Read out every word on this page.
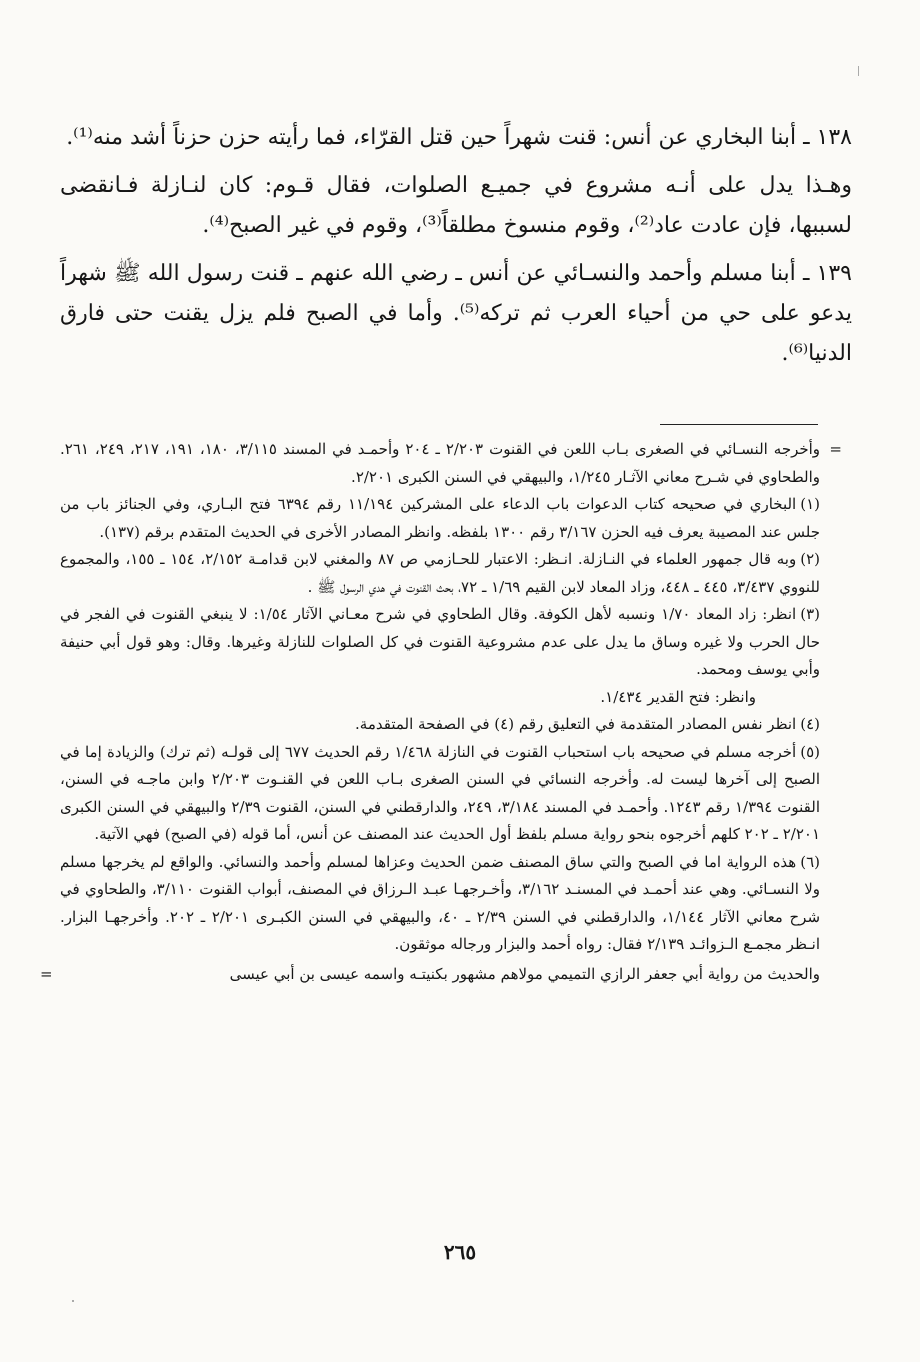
١٣٨ ـ أبنا البخاري عن أنس: قنت شهراً حين قتل القرّاء، فما رأيته حزن حزناً أشد منه⁽¹⁾.

وهـذا يدل على أنـه مشروع في جميـع الصلوات، فقال قـوم: كان لنـازلة فـانقضى لسببها، فإن عادت عاد⁽²⁾، وقوم منسوخ مطلقاً⁽³⁾، وقوم في غير الصبح⁽⁴⁾.

١٣٩ ـ أبنا مسلم وأحمد والنسـائي عن أنس ـ رضي الله عنهم ـ قنت رسول الله ﷺ شهراً يدعو على حي من أحياء العرب ثم تركه⁽⁵⁾. وأما في الصبح فلم يزل يقنت حتى فارق الدنيا⁽⁶⁾.

=
وأخرجه النسـائي في الصغرى بـاب اللعن في القنوت ٢/٢٠٣ ـ ٢٠٤ وأحمـد في المسند ٣/١١٥، ١٨٠، ١٩١، ٢١٧، ٢٤٩، ٢٦١. والطحاوي في شـرح معاني الآثـار ١/٢٤٥، والبيهقي في السنن الكبرى ٢/٢٠١.
(١)البخاري في صحيحه كتاب الدعوات باب الدعاء على المشركين ١١/١٩٤ رقم ٦٣٩٤ فتح البـاري، وفي الجنائز باب من جلس عند المصيبة يعرف فيه الحزن ٣/١٦٧ رقم ١٣٠٠ بلفظه. وانظر المصادر الأخرى في الحديث المتقدم برقم (١٣٧).
(٢)وبه قال جمهور العلماء في النـازلة. انـظر: الاعتبار للحـازمي ص ٨٧ والمغني لابن قدامـة ٢/١٥٢، ١٥٤ ـ ١٥٥، والمجموع للنووي ٣/٤٣٧، ٤٤٥ ـ ٤٤٨، وزاد المعاد لابن القيم ١/٦٩ ـ ٧٢، بحث القنوت في هدي الرسول ﷺ .
(٣)انظر: زاد المعاد ١/٧٠ ونسبه لأهل الكوفة. وقال الطحاوي في شرح معـاني الآثار ١/٥٤: لا ينبغي القنوت في الفجر في حال الحرب ولا غيره وساق ما يدل على عدم مشروعية القنوت في كل الصلوات للنازلة وغيرها. وقال: وهو قول أبي حنيفة وأبي يوسف ومحمد.
وانظر: فتح القدير ١/٤٣٤.
(٤)انظر نفس المصادر المتقدمة في التعليق رقم (٤) في الصفحة المتقدمة.
(٥)أخرجه مسلم في صحيحه باب استحباب القنوت في النازلة ١/٤٦٨ رقم الحديث ٦٧٧ إلى قولـه (ثم ترك) والزيادة إما في الصبح إلى آخرها ليست له. وأخرجه النسائي في السنن الصغرى بـاب اللعن في القنـوت ٢/٢٠٣ وابن ماجـه في السنن، القنوت ١/٣٩٤ رقم ١٢٤٣. وأحمـد في المسند ٣/١٨٤، ٢٤٩، والدارقطني في السنن، القنوت ٢/٣٩ والبيهقي في السنن الكبرى ٢/٢٠١ ـ ٢٠٢ كلهم أخرجوه بنحو رواية مسلم بلفظ أول الحديث عند المصنف عن أنس، أما قوله (في الصبح) فهي الآتية.
(٦)هذه الرواية اما في الصبح والتي ساق المصنف ضمن الحديث وعزاها لمسلم وأحمد والنسائي. والواقع لم يخرجها مسلم ولا النسـائي. وهي عند أحمـد في المسنـد ٣/١٦٢، وأخـرجهـا عبـد الـرزاق في المصنف، أبواب القنوت ٣/١١٠، والطحاوي في شرح معاني الآثار ١/١٤٤، والدارقطني في السنن ٢/٣٩ ـ ٤٠، والبيهقي في السنن الكبـرى ٢/٢٠١ ـ ٢٠٢. وأخرجهـا البزار. انـظر مجمـع الـزوائـد ٢/١٣٩ فقال: رواه أحمد والبزار ورجاله موثقون.
والحديث من رواية أبي جعفر الرازي التميمي مولاهم مشهور بكنيتـه واسمه عيسى بن أبي عيسى
=
٢٦٥
